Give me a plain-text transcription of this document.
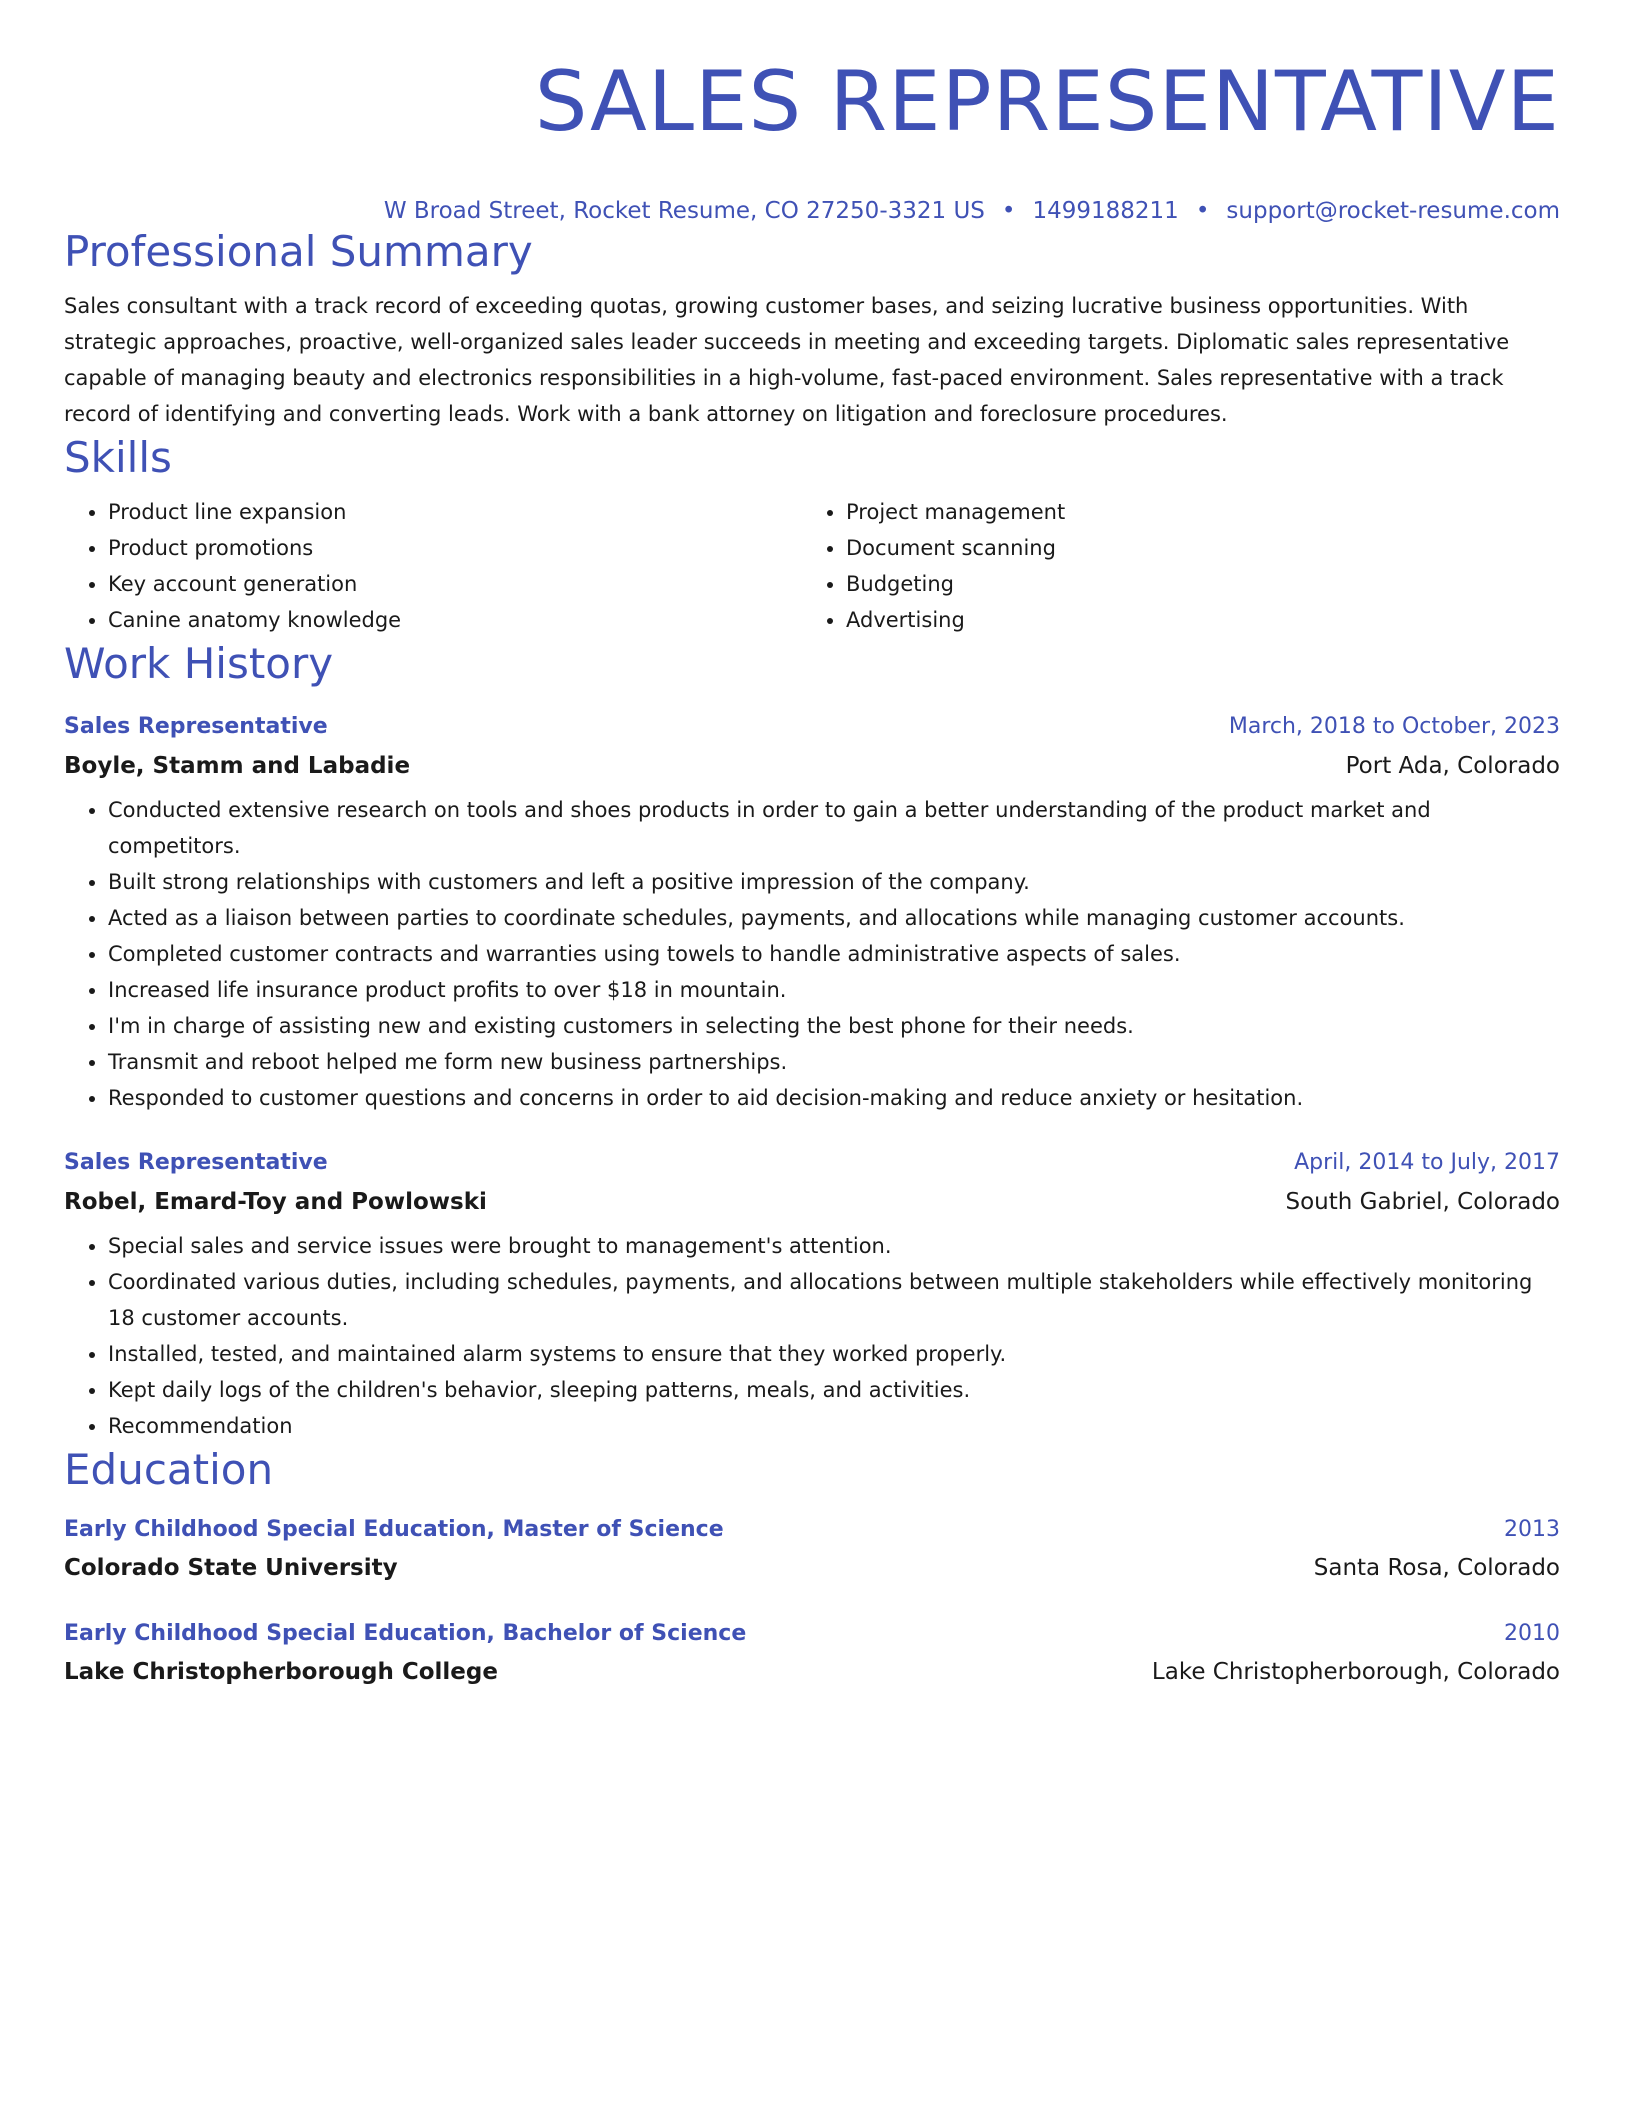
SALES REPRESENTATIVE
W Broad Street, Rocket Resume, CO 27250-3321 US • 1499188211 • support@rocket-resume.com
Professional Summary

Sales consultant with a track record of exceeding quotas, growing customer bases, and seizing lucrative business opportunities. With strategic approaches, proactive, well-organized sales leader succeeds in meeting and exceeding targets. Diplomatic sales representative capable of managing beauty and electronics responsibilities in a high-volume, fast-paced environment. Sales representative with a track record of identifying and converting leads. Work with a bank attorney on litigation and foreclosure procedures.

Skills
• Product line expansion
• Product promotions
• Key account generation
• Canine anatomy knowledge
• Project management
• Document scanning
• Budgeting
• Advertising
Work History
Sales Representative	March, 2018 to October, 2023
Boyle, Stamm and Labadie	Port Ada, Colorado
• Conducted extensive research on tools and shoes products in order to gain a better understanding of the product market and competitors.
• Built strong relationships with customers and left a positive impression of the company.
• Acted as a liaison between parties to coordinate schedules, payments, and allocations while managing customer accounts.
• Completed customer contracts and warranties using towels to handle administrative aspects of sales.
• Increased life insurance product profits to over $18 in mountain.
• I'm in charge of assisting new and existing customers in selecting the best phone for their needs.
• Transmit and reboot helped me form new business partnerships.
• Responded to customer questions and concerns in order to aid decision-making and reduce anxiety or hesitation.
Sales Representative	April, 2014 to July, 2017
Robel, Emard-Toy and Powlowski	South Gabriel, Colorado
• Special sales and service issues were brought to management's attention.
• Coordinated various duties, including schedules, payments, and allocations between multiple stakeholders while effectively monitoring 18 customer accounts.
• Installed, tested, and maintained alarm systems to ensure that they worked properly.
• Kept daily logs of the children's behavior, sleeping patterns, meals, and activities.
• Recommendation
Education
Early Childhood Special Education, Master of Science	2013
Colorado State University	Santa Rosa, Colorado
Early Childhood Special Education, Bachelor of Science	2010
Lake Christopherborough College	Lake Christopherborough, Colorado
